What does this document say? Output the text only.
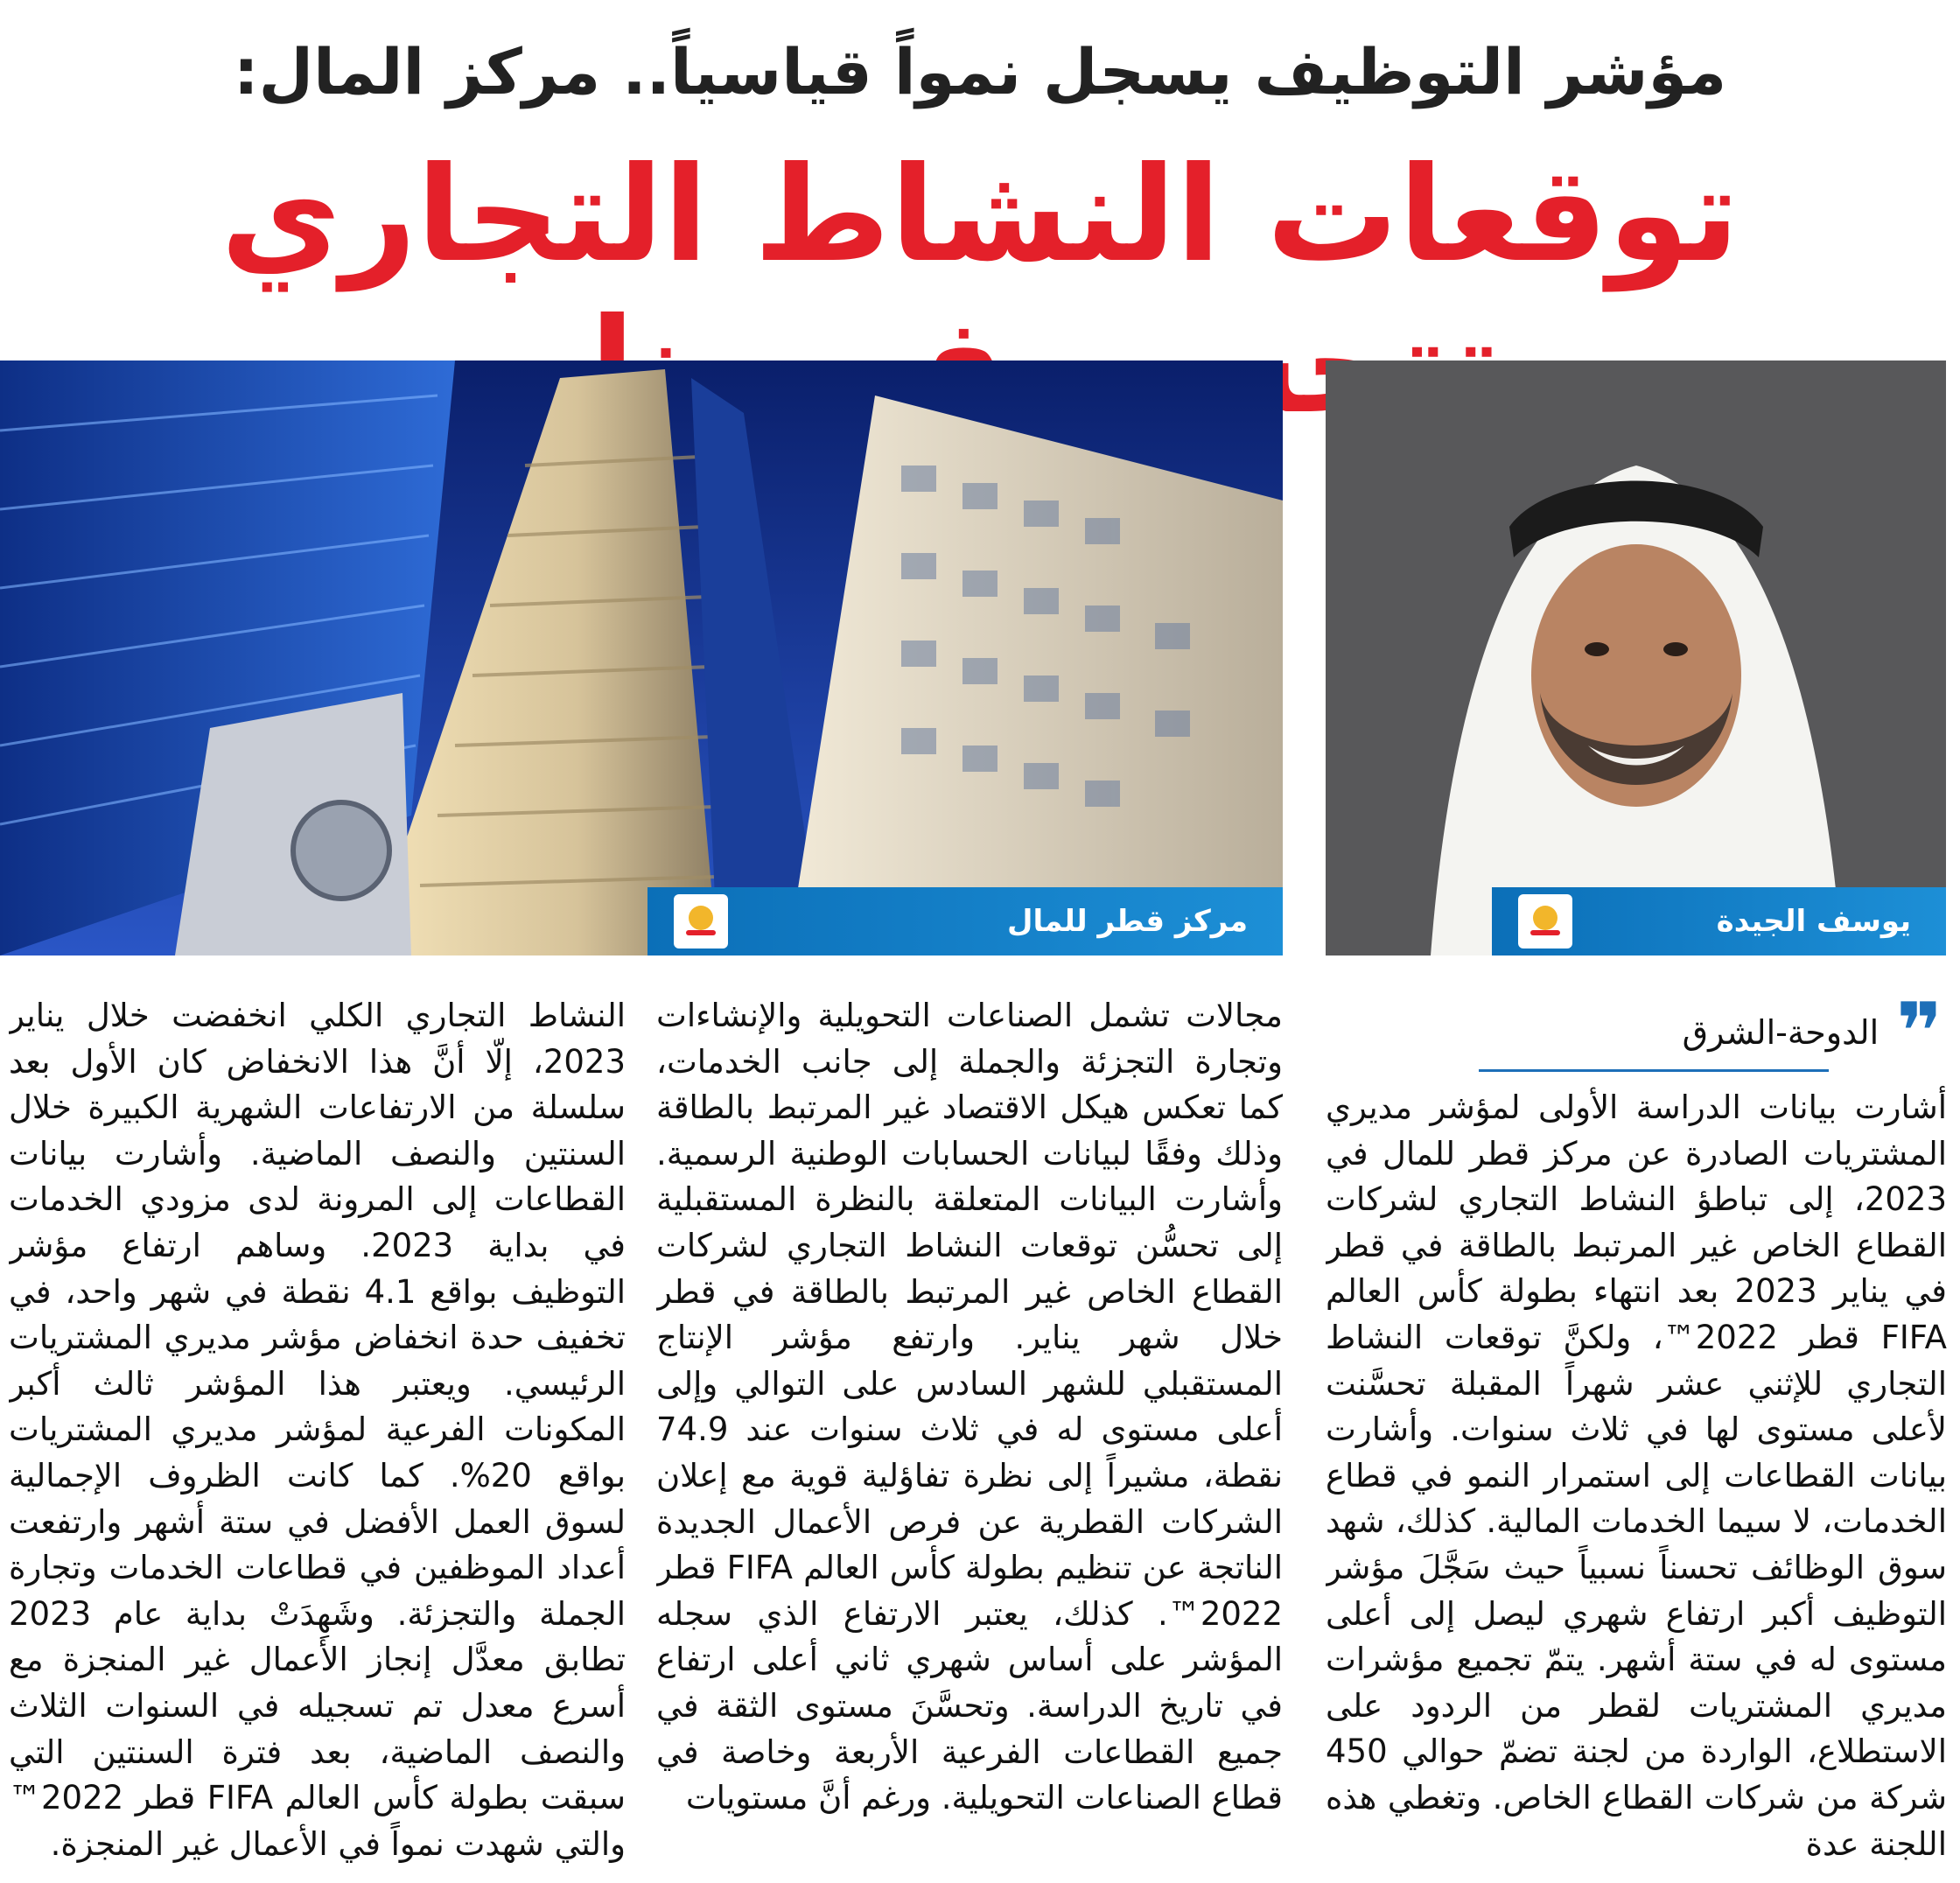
مؤشر التوظيف يسجل نمواً قياسياً.. مركز المال:
توقعات النشاط التجاري
مركز قطر للمال	يوسف الجيدة
❞
الدوحة-الشرق
أشارت بيانات الدراسة الأولى لمؤشر مديري المشتريات الصادرة عن مركز قطر للمال في 2023، إلى تباطؤ النشاط التجاري لشركات القطاع الخاص غير المرتبط بالطاقة في قطر في يناير 2023 بعد انتهاء بطولة كأس العالم FIFA قطر 2022™، ولكنَّ توقعات النشاط التجاري للإثني عشر شهراً المقبلة تحسَّنت لأعلى مستوى لها في ثلاث سنوات. وأشارت بيانات القطاعات إلى استمرار النمو في قطاع الخدمات، لا سيما الخدمات المالية. كذلك، شهد سوق الوظائف تحسناً نسبياً حيث سَجَّلَ مؤشر التوظيف أكبر ارتفاع شهري ليصل إلى أعلى مستوى له في ستة أشهر. يتمّ تجميع مؤشرات مديري المشتريات لقطر من الردود على الاستطلاع، الواردة من لجنة تضمّ حوالي 450 شركة من شركات القطاع الخاص. وتغطي هذه اللجنة عدة
مجالات تشمل الصناعات التحويلية والإنشاءات وتجارة التجزئة والجملة إلى جانب الخدمات، كما تعكس هيكل الاقتصاد غير المرتبط بالطاقة وذلك وفقًا لبيانات الحسابات الوطنية الرسمية. وأشارت البيانات المتعلقة بالنظرة المستقبلية إلى تحسُّن توقعات النشاط التجاري لشركات القطاع الخاص غير المرتبط بالطاقة في قطر خلال شهر يناير. وارتفع مؤشر الإنتاج المستقبلي للشهر السادس على التوالي وإلى أعلى مستوى له في ثلاث سنوات عند 74.9 نقطة، مشيراً إلى نظرة تفاؤلية قوية مع إعلان الشركات القطرية عن فرص الأعمال الجديدة الناتجة عن تنظيم بطولة كأس العالم FIFA قطر 2022™. كذلك، يعتبر الارتفاع الذي سجله المؤشر على أساس شهري ثاني أعلى ارتفاع في تاريخ الدراسة. وتحسَّنَ مستوى الثقة في جميع القطاعات الفرعية الأربعة وخاصة في قطاع الصناعات التحويلية. ورغم أنَّ مستويات
النشاط التجاري الكلي انخفضت خلال يناير 2023، إلّا أنَّ هذا الانخفاض كان الأول بعد سلسلة من الارتفاعات الشهرية الكبيرة خلال السنتين والنصف الماضية. وأشارت بيانات القطاعات إلى المرونة لدى مزودي الخدمات في بداية 2023. وساهم ارتفاع مؤشر التوظيف بواقع 4.1 نقطة في شهر واحد، في تخفيف حدة انخفاض مؤشر مديري المشتريات الرئيسي. ويعتبر هذا المؤشر ثالث أكبر المكونات الفرعية لمؤشر مديري المشتريات بواقع 20%. كما كانت الظروف الإجمالية لسوق العمل الأفضل في ستة أشهر وارتفعت أعداد الموظفين في قطاعات الخدمات وتجارة الجملة والتجزئة. وشَهِدَتْ بداية عام 2023 تطابق معدَّل إنجاز الأعمال غير المنجزة مع أسرع معدل تم تسجيله في السنوات الثلاث والنصف الماضية، بعد فترة السنتين التي سبقت بطولة كأس العالم FIFA قطر 2022™ والتي شهدت نمواً في الأعمال غير المنجزة.
